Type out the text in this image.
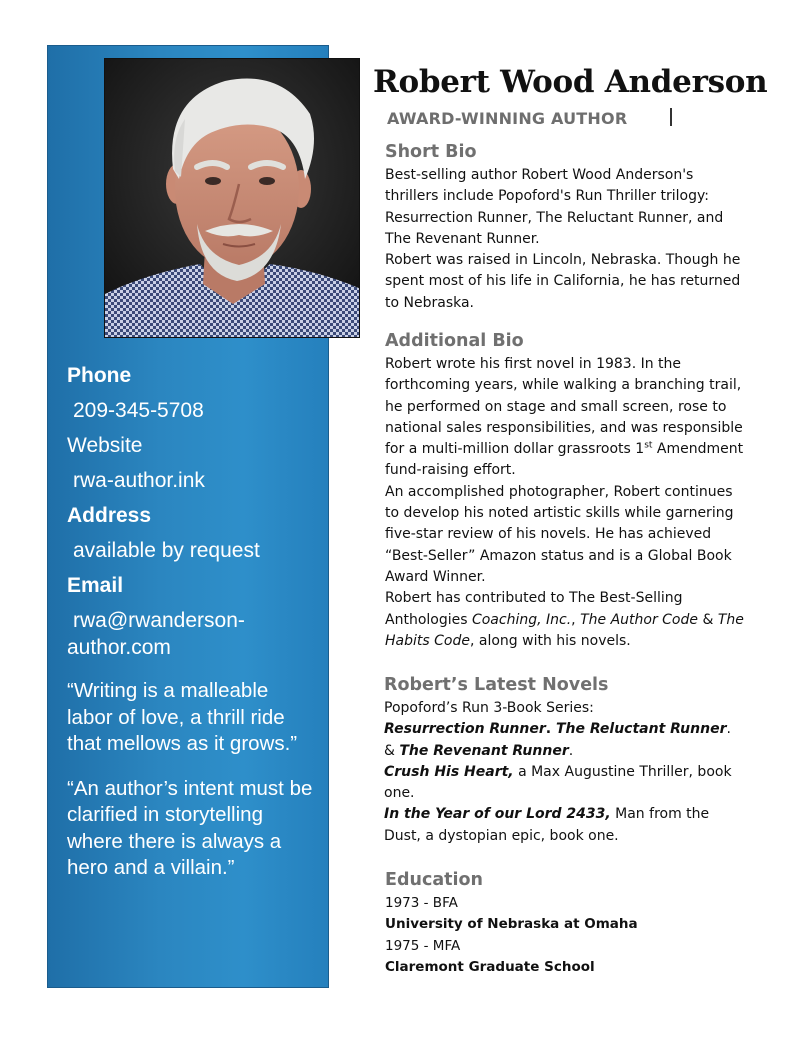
Phone
209-345-5708
Website
rwa-author.ink
Address
available by request
Email
rwa@rwanderson-
author.com

“Writing is a malleable labor of love, a thrill ride that mellows as it grows.”

“An author’s intent must be clarified in storytelling where there is always a hero and a villain.”

Robert Wood Anderson
AWARD-WINNING AUTHOR
Short Bio

Best-selling author Robert Wood Anderson's thrillers include Popoford's Run Thriller trilogy: Resurrection Runner, The Reluctant Runner, and The Revenant Runner.

Robert was raised in Lincoln, Nebraska. Though he spent most of his life in California, he has returned to Nebraska.

Additional Bio

Robert wrote his first novel in 1983. In the forthcoming years, while walking a branching trail, he performed on stage and small screen, rose to national sales responsibilities, and was responsible for a multi-million dollar grassroots 1st Amendment fund-raising effort.

An accomplished photographer, Robert continues to develop his noted artistic skills while garnering five-star review of his novels. He has achieved “Best-Seller” Amazon status and is a Global Book Award Winner.

Robert has contributed to The Best-Selling Anthologies Coaching, Inc., The Author Code & The Habits Code, along with his novels.

Robert’s Latest Novels

Popoford’s Run 3-Book Series:

Resurrection Runner. The Reluctant Runner.

& The Revenant Runner.

Crush His Heart, a Max Augustine Thriller, book one.

In the Year of our Lord 2433, Man from the Dust, a dystopian epic, book one.

Education

1973 - BFA

University of Nebraska at Omaha

1975 - MFA

Claremont Graduate School
